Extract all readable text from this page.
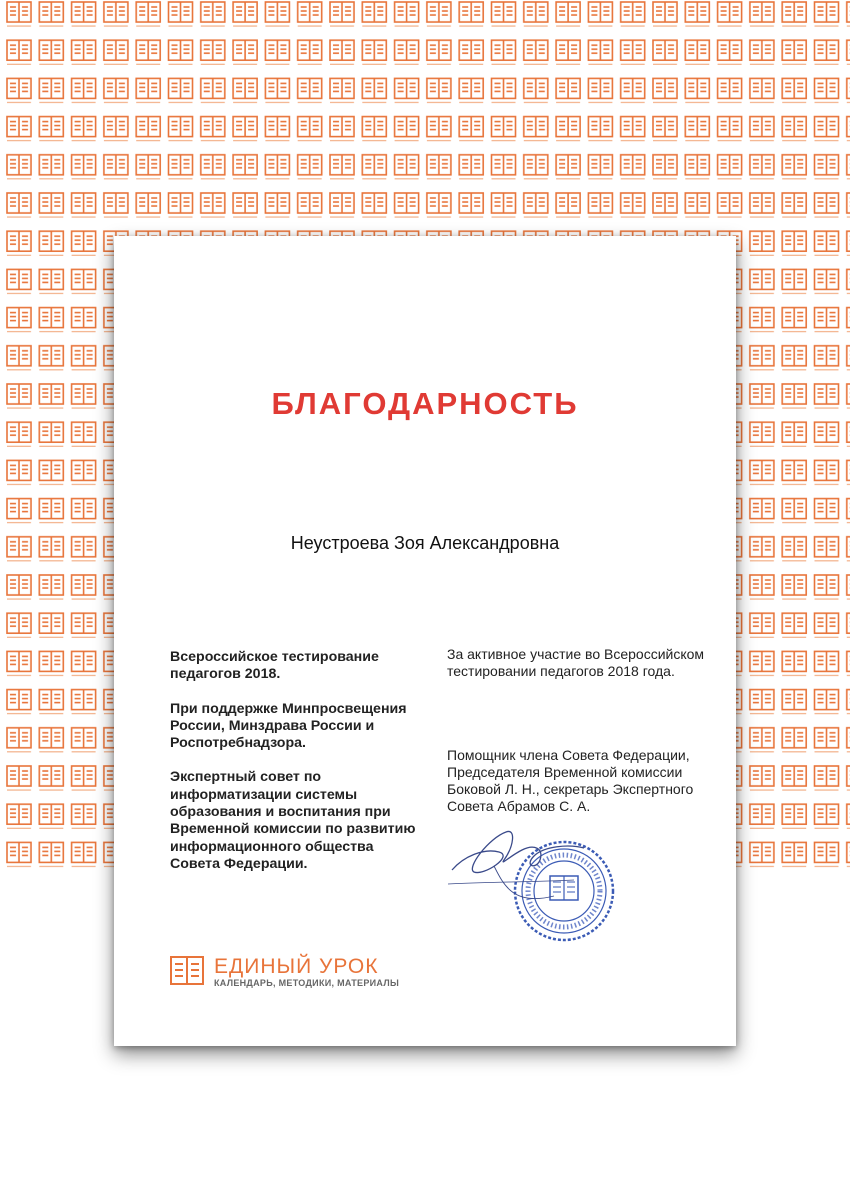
БЛАГОДАРНОСТЬ
Неустроева Зоя Александровна

Всероссийское тестирование
педагогов 2018.

При поддержке Минпросвещения
России, Минздрава России и
Роспотребнадзора.

Экспертный совет по
информатизации системы
образования и воспитания при
Временной комиссии по развитию
информационного общества
Совета Федерации.

За активное участие во Всероссийском
тестировании педагогов 2018 года.

Помощник члена Совета Федерации,
Председателя Временной комиссии
Боковой Л. Н., секретарь Экспертного
Совета Абрамов С. А.

ЕДИНЫЙ УРОК
КАЛЕНДАРЬ, МЕТОДИКИ, МАТЕРИАЛЫ
